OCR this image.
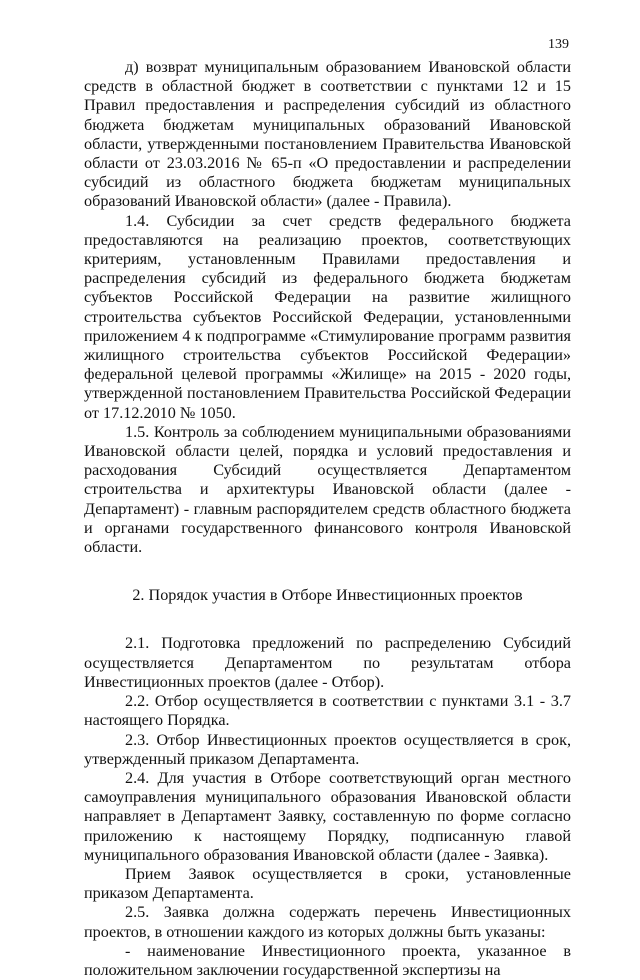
139

д) возврат муниципальным образованием Ивановской области средств в областной бюджет в соответствии с пунктами 12 и 15 Правил предоставления и распределения субсидий из областного бюджета бюджетам муниципальных образований Ивановской области, утвержденными постановлением Правительства Ивановской области от 23.03.2016 № 65-п «О предоставлении и распределении субсидий из областного бюджета бюджетам муниципальных образований Ивановской области» (далее - Правила).

1.4. Субсидии за счет средств федерального бюджета предоставляются на реализацию проектов, соответствующих критериям, установленным Правилами предоставления и распределения субсидий из федерального бюджета бюджетам субъектов Российской Федерации на развитие жилищного строительства субъектов Российской Федерации, установленными приложением 4 к подпрограмме «Стимулирование программ развития жилищного строительства субъектов Российской Федерации» федеральной целевой программы «Жилище» на 2015 - 2020 годы, утвержденной постановлением Правительства Российской Федерации от 17.12.2010 № 1050.

1.5. Контроль за соблюдением муниципальными образованиями Ивановской области целей, порядка и условий предоставления и расходования Субсидий осуществляется Департаментом строительства и архитектуры Ивановской области (далее - Департамент) - главным распорядителем средств областного бюджета и органами государственного финансового контроля Ивановской области.

2. Порядок участия в Отборе Инвестиционных проектов

2.1. Подготовка предложений по распределению Субсидий осуществляется Департаментом по результатам отбора Инвестиционных проектов (далее - Отбор).

2.2. Отбор осуществляется в соответствии с пунктами 3.1 - 3.7 настоящего Порядка.

2.3. Отбор Инвестиционных проектов осуществляется в срок, утвержденный приказом Департамента.

2.4. Для участия в Отборе соответствующий орган местного самоуправления муниципального образования Ивановской области направляет в Департамент Заявку, составленную по форме согласно приложению к настоящему Порядку, подписанную главой муниципального образования Ивановской области (далее - Заявка).

Прием Заявок осуществляется в сроки, установленные приказом Департамента.

2.5. Заявка должна содержать перечень Инвестиционных проектов, в отношении каждого из которых должны быть указаны:

- наименование Инвестиционного проекта, указанное в положительном заключении государственной экспертизы на
